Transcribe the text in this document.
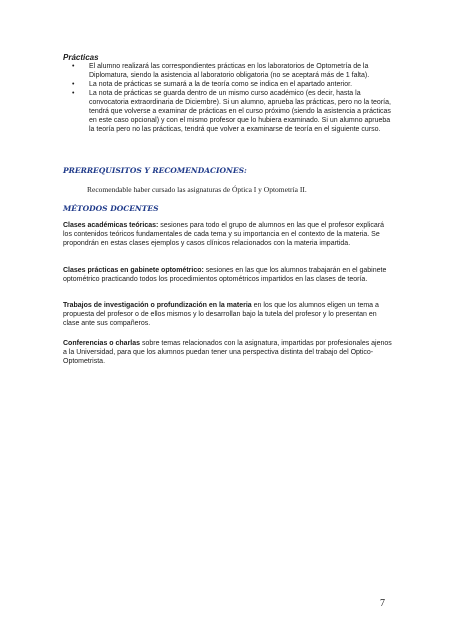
Prácticas

• El alumno realizará las correspondientes prácticas en los laboratorios de Optometría de la Diplomatura, siendo la asistencia al laboratorio obligatoria (no se aceptará más de 1 falta).
• La nota de prácticas se sumará a la de teoría como se indica en el apartado anterior.
• La nota de prácticas se guarda dentro de un mismo curso académico (es decir, hasta la convocatoria extraordinaria de Diciembre). Si un alumno, aprueba las prácticas, pero no la teoría, tendrá que volverse a examinar de prácticas en el curso próximo (siendo la asistencia a prácticas en este caso opcional) y con el mismo profesor que lo hubiera examinado. Si un alumno aprueba la teoría pero no las prácticas, tendrá que volver a examinarse de teoría en el siguiente curso.

PRERREQUISITOS Y RECOMENDACIONES:

Recomendable haber cursado las asignaturas de Óptica I y Optometría II.

MÉTODOS DOCENTES

Clases académicas teóricas: sesiones para todo el grupo de alumnos en las que el profesor explicará los contenidos teóricos fundamentales de cada tema y su importancia en el contexto de la materia. Se propondrán en estas clases ejemplos y casos clínicos relacionados con la materia impartida.

Clases prácticas en gabinete optométrico: sesiones en las que los alumnos trabajarán en el gabinete optométrico practicando todos los procedimientos optométricos impartidos en las clases de teoría.

Trabajos de investigación o profundización en la materia en los que los alumnos eligen un tema a propuesta del profesor o de ellos mismos y lo desarrollan bajo la tutela del profesor y lo presentan en clase ante sus compañeros.

Conferencias o charlas sobre temas relacionados con la asignatura, impartidas por profesionales ajenos a la Universidad, para que los alumnos puedan tener una perspectiva distinta del trabajo del Optico-Optometrista.

7
